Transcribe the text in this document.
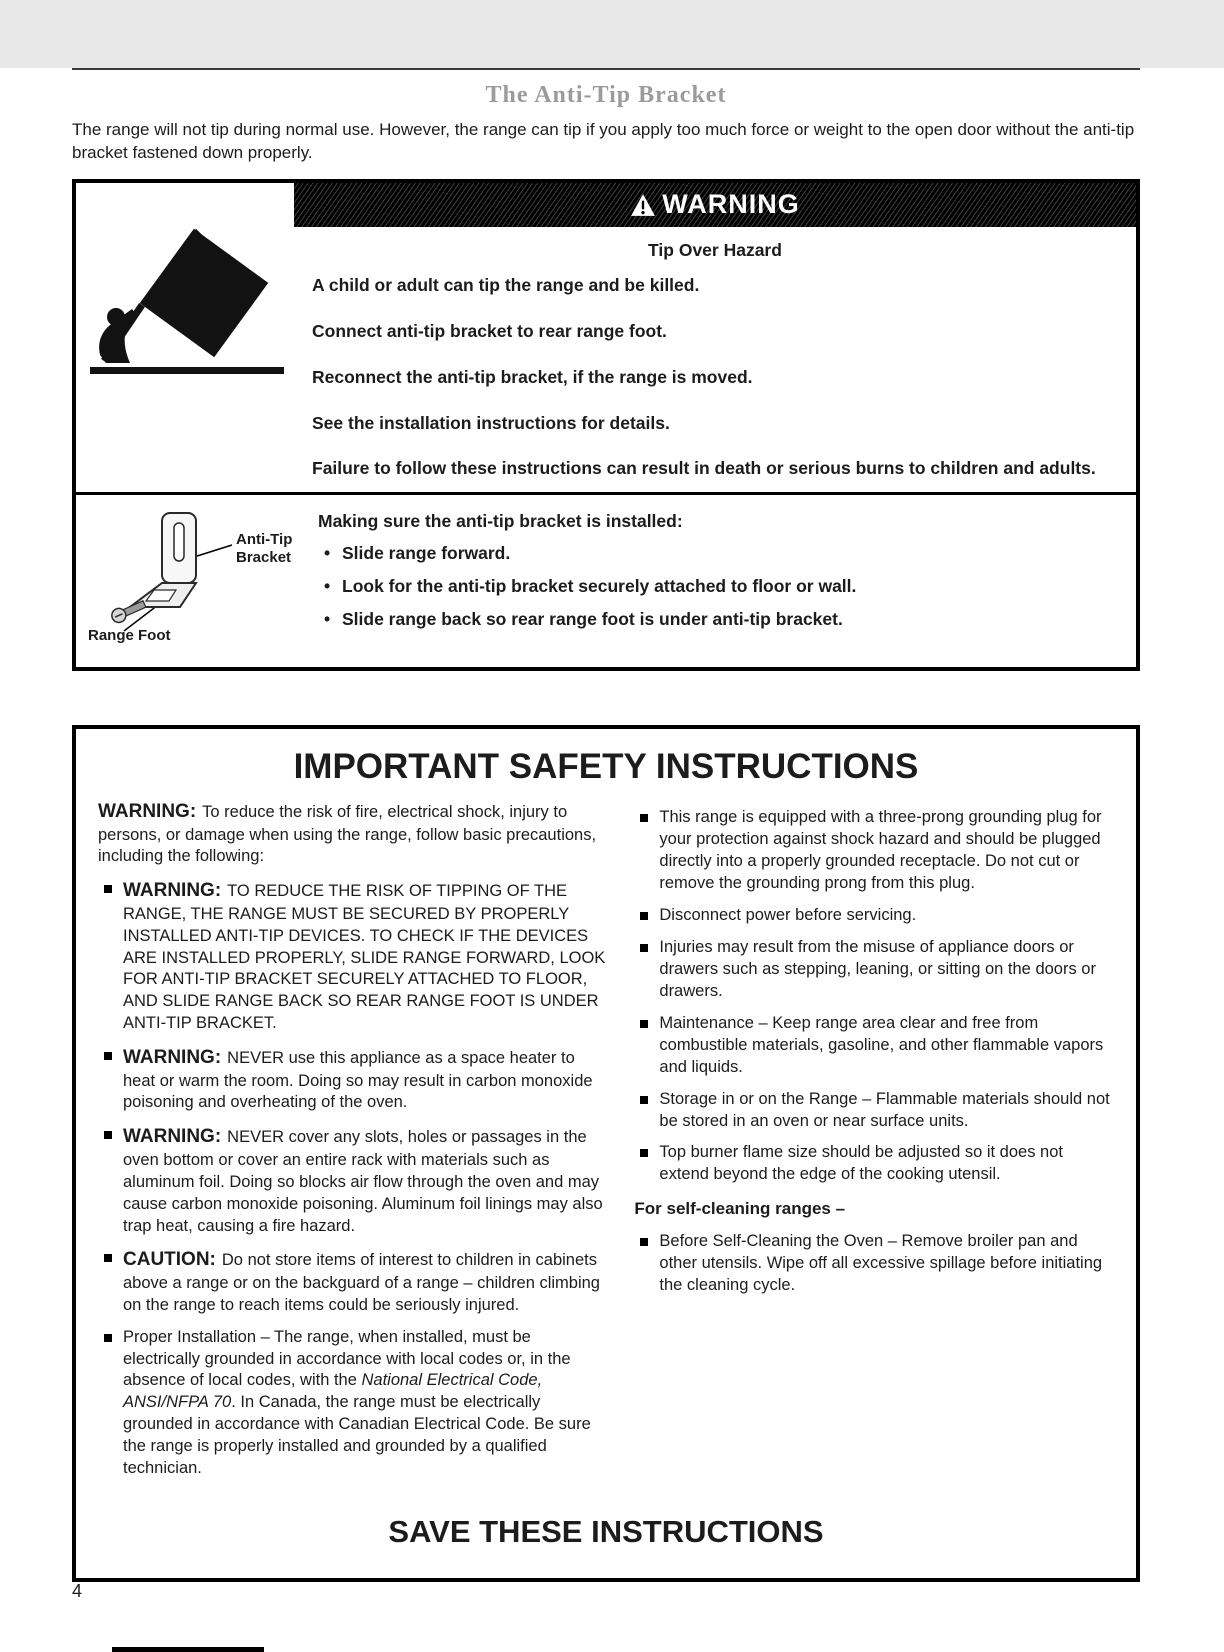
The Anti-Tip Bracket

The range will not tip during normal use. However, the range can tip if you apply too much force or weight to the open door without the anti-tip bracket fastened down properly.

WARNING
Tip Over Hazard

A child or adult can tip the range and be killed.

Connect anti-tip bracket to rear range foot.

Reconnect the anti-tip bracket, if the range is moved.

See the installation instructions for details.

Failure to follow these instructions can result in death or serious burns to children and adults.

Anti-Tip
Bracket
Range Foot

Making sure the anti-tip bracket is installed:

• Slide range forward.
• Look for the anti-tip bracket securely attached to floor or wall.
• Slide range back so rear range foot is under anti-tip bracket.
IMPORTANT SAFETY INSTRUCTIONS

WARNING: To reduce the risk of fire, electrical shock, injury to persons, or damage when using the range, follow basic precautions, including the following:

WARNING: TO REDUCE THE RISK OF TIPPING OF THE RANGE, THE RANGE MUST BE SECURED BY PROPERLY INSTALLED ANTI-TIP DEVICES. TO CHECK IF THE DEVICES ARE INSTALLED PROPERLY, SLIDE RANGE FORWARD, LOOK FOR ANTI-TIP BRACKET SECURELY ATTACHED TO FLOOR, AND SLIDE RANGE BACK SO REAR RANGE FOOT IS UNDER ANTI-TIP BRACKET.
WARNING: NEVER use this appliance as a space heater to heat or warm the room. Doing so may result in carbon monoxide poisoning and overheating of the oven.
WARNING: NEVER cover any slots, holes or passages in the oven bottom or cover an entire rack with materials such as aluminum foil. Doing so blocks air flow through the oven and may cause carbon monoxide poisoning. Aluminum foil linings may also trap heat, causing a fire hazard.
CAUTION: Do not store items of interest to children in cabinets above a range or on the backguard of a range – children climbing on the range to reach items could be seriously injured.
Proper Installation – The range, when installed, must be electrically grounded in accordance with local codes or, in the absence of local codes, with the National Electrical Code, ANSI/NFPA 70. In Canada, the range must be electrically grounded in accordance with Canadian Electrical Code. Be sure the range is properly installed and grounded by a qualified technician.
This range is equipped with a three-prong grounding plug for your protection against shock hazard and should be plugged directly into a properly grounded receptacle. Do not cut or remove the grounding prong from this plug.
Disconnect power before servicing.
Injuries may result from the misuse of appliance doors or drawers such as stepping, leaning, or sitting on the doors or drawers.
Maintenance – Keep range area clear and free from combustible materials, gasoline, and other flammable vapors and liquids.
Storage in or on the Range – Flammable materials should not be stored in an oven or near surface units.
Top burner flame size should be adjusted so it does not extend beyond the edge of the cooking utensil.

For self-cleaning ranges –

Before Self-Cleaning the Oven – Remove broiler pan and other utensils. Wipe off all excessive spillage before initiating the cleaning cycle.
SAVE THESE INSTRUCTIONS
4
